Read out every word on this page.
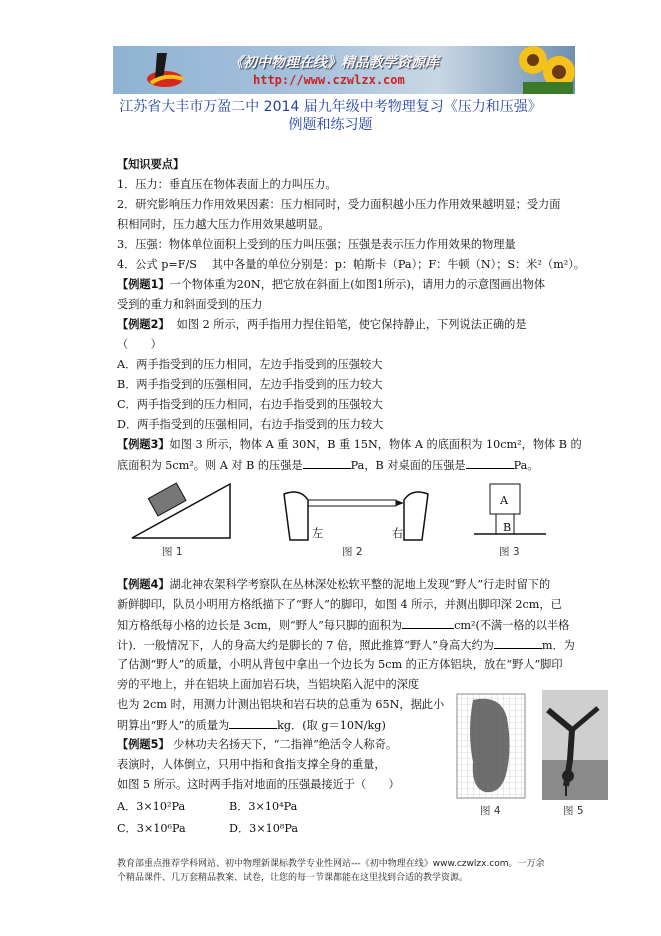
《初中物理在线》精品教学资源库
http://www.czwlzx.com
江苏省大丰市万盈二中 2014 届九年级中考物理复习《压力和压强》
例题和练习题
【知识要点】
1．压力：垂直压在物体表面上的力叫压力。
2．研究影响压力作用效果因素：压力相同时，受力面积越小压力作用效果越明显；受力面
积相同时，压力越大压力作用效果越明显。
3．压强：物体单位面积上受到的压力叫压强；压强是表示压力作用效果的物理量
4．公式 p=F/S　 其中各量的单位分别是：p：帕斯卡（Pa）；F：牛顿（N）；S：米²（m²）。
【例题1】一个物体重为20N，把它放在斜面上(如图1所示)，请用力的示意图画出物体
受到的重力和斜面受到的压力
【例题2】 如图 2 所示，两手指用力捏住铅笔，使它保持静止，下列说法正确的是
（　　）
A．两手指受到的压力相同，左边手指受到的压强较大
B．两手指受到的压强相同，左边手指受到的压力较大
C．两手指受到的压力相同，右边手指受到的压强较大
D．两手指受到的压强相同，右边手指受到的压力较大
【例题3】如图 3 所示，物体 A 重 30N，B 重 15N，物体 A 的底面积为 10cm²，物体 B 的
底面积为 5cm²。则 A 对 B 的压强是	Pa，B 对桌面的压强是	Pa。
图 1
左	右
图 2
A
B
图 3
【例题4】湖北神农架科学考察队在丛林深处松软平整的泥地上发现“野人”行走时留下的
新鲜脚印，队员小明用方格纸描下了“野人”的脚印，如图 4 所示，并测出脚印深 2cm，已
知方格纸每小格的边长是 3cm，则“野人”每只脚的面积为	cm²(不满一格的以半格
计)．一般情况下，人的身高大约是脚长的 7 倍，照此推算“野人”身高大约为	m．为
了估测“野人”的质量，小明从背包中拿出一个边长为 5cm 的正方体铝块，放在“野人”脚印
旁的平地上，并在铝块上面加岩石块，当铝块陷入泥中的深度
也为 2cm 时，用测力计测出铝块和岩石块的总重为 65N，据此小
明算出“野人”的质量为	kg．(取 g＝10N/kg)
【例题5】 少林功夫名扬天下，“二指禅”绝活令人称奇。
表演时，人体倒立，只用中指和食指支撑全身的重量，
如图 5 所示。这时两手指对地面的压强最接近于（　　）
A．3×10²Pa	B．3×10⁴Pa
C．3×10⁶Pa	D．3×10⁸Pa
图 4	图 5
教育部重点推荐学科网站、初中物理新课标教学专业性网站---《初中物理在线》www.czwlzx.com。一万余
个精品课件、几万套精品教案、试卷，让您的每一节课都能在这里找到合适的教学资源。
